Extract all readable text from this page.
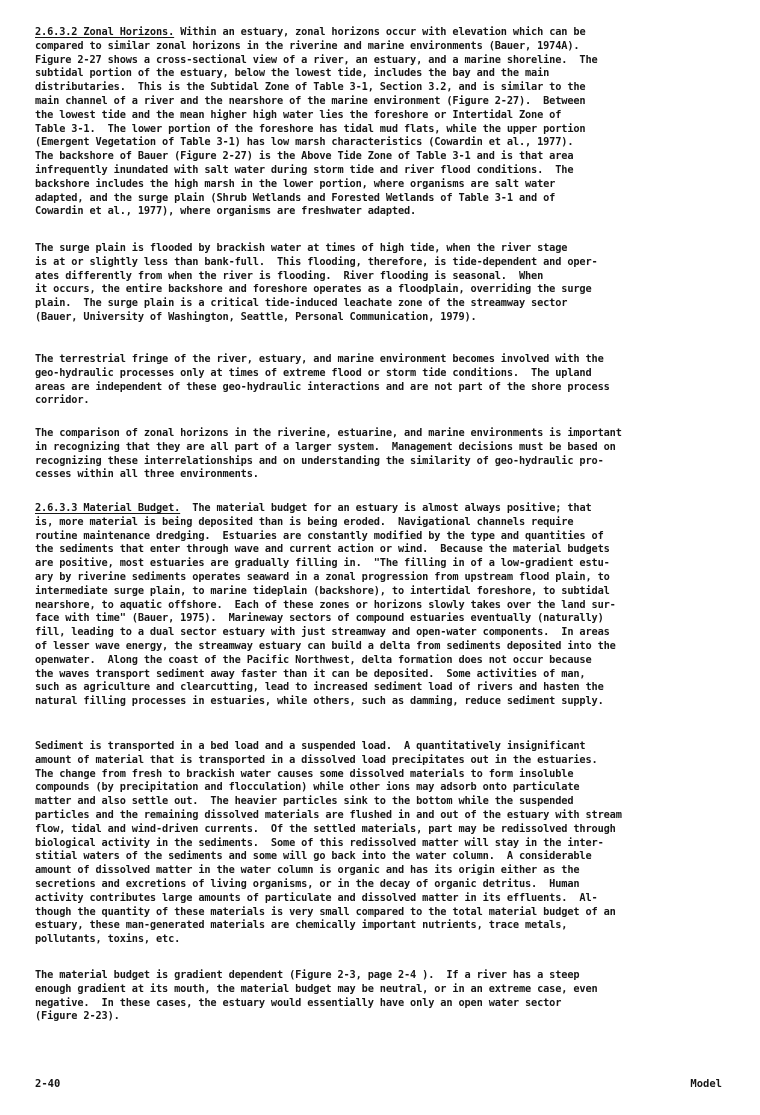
2.6.3.2 Zonal Horizons. Within an estuary, zonal horizons occur with elevation which can be
compared to similar zonal horizons in the riverine and marine environments (Bauer, 1974A).
Figure 2-27 shows a cross-sectional view of a river, an estuary, and a marine shoreline.  The
subtidal portion of the estuary, below the lowest tide, includes the bay and the main
distributaries.  This is the Subtidal Zone of Table 3-1, Section 3.2, and is similar to the
main channel of a river and the nearshore of the marine environment (Figure 2-27).  Between
the lowest tide and the mean higher high water lies the foreshore or Intertidal Zone of
Table 3-1.  The lower portion of the foreshore has tidal mud flats, while the upper portion
(Emergent Vegetation of Table 3-1) has low marsh characteristics (Cowardin et al., 1977).
The backshore of Bauer (Figure 2-27) is the Above Tide Zone of Table 3-1 and is that area
infrequently inundated with salt water during storm tide and river flood conditions.  The
backshore includes the high marsh in the lower portion, where organisms are salt water
adapted, and the surge plain (Shrub Wetlands and Forested Wetlands of Table 3-1 and of
Cowardin et al., 1977), where organisms are freshwater adapted.
The surge plain is flooded by brackish water at times of high tide, when the river stage
is at or slightly less than bank-full.  This flooding, therefore, is tide-dependent and oper-
ates differently from when the river is flooding.  River flooding is seasonal.  When
it occurs, the entire backshore and foreshore operates as a floodplain, overriding the surge
plain.  The surge plain is a critical tide-induced leachate zone of the streamway sector
(Bauer, University of Washington, Seattle, Personal Communication, 1979).
The terrestrial fringe of the river, estuary, and marine environment becomes involved with the
geo-hydraulic processes only at times of extreme flood or storm tide conditions.  The upland
areas are independent of these geo-hydraulic interactions and are not part of the shore process
corridor.
The comparison of zonal horizons in the riverine, estuarine, and marine environments is important
in recognizing that they are all part of a larger system.  Management decisions must be based on
recognizing these interrelationships and on understanding the similarity of geo-hydraulic pro-
cesses within all three environments.
2.6.3.3 Material Budget.  The material budget for an estuary is almost always positive; that
is, more material is being deposited than is being eroded.  Navigational channels require
routine maintenance dredging.  Estuaries are constantly modified by the type and quantities of
the sediments that enter through wave and current action or wind.  Because the material budgets
are positive, most estuaries are gradually filling in.  "The filling in of a low-gradient estu-
ary by riverine sediments operates seaward in a zonal progression from upstream flood plain, to
intermediate surge plain, to marine tideplain (backshore), to intertidal foreshore, to subtidal
nearshore, to aquatic offshore.  Each of these zones or horizons slowly takes over the land sur-
face with time" (Bauer, 1975).  Marineway sectors of compound estuaries eventually (naturally)
fill, leading to a dual sector estuary with just streamway and open-water components.  In areas
of lesser wave energy, the streamway estuary can build a delta from sediments deposited into the
openwater.  Along the coast of the Pacific Northwest, delta formation does not occur because
the waves transport sediment away faster than it can be deposited.  Some activities of man,
such as agriculture and clearcutting, lead to increased sediment load of rivers and hasten the
natural filling processes in estuaries, while others, such as damming, reduce sediment supply.
Sediment is transported in a bed load and a suspended load.  A quantitatively insignificant
amount of material that is transported in a dissolved load precipitates out in the estuaries.
The change from fresh to brackish water causes some dissolved materials to form insoluble
compounds (by precipitation and flocculation) while other ions may adsorb onto particulate
matter and also settle out.  The heavier particles sink to the bottom while the suspended
particles and the remaining dissolved materials are flushed in and out of the estuary with stream
flow, tidal and wind-driven currents.  Of the settled materials, part may be redissolved through
biological activity in the sediments.  Some of this redissolved matter will stay in the inter-
stitial waters of the sediments and some will go back into the water column.  A considerable
amount of dissolved matter in the water column is organic and has its origin either as the
secretions and excretions of living organisms, or in the decay of organic detritus.  Human
activity contributes large amounts of particulate and dissolved matter in its effluents.  Al-
though the quantity of these materials is very small compared to the total material budget of an
estuary, these man-generated materials are chemically important nutrients, trace metals,
pollutants, toxins, etc.
The material budget is gradient dependent (Figure 2-3, page 2-4 ).  If a river has a steep
enough gradient at its mouth, the material budget may be neutral, or in an extreme case, even
negative.  In these cases, the estuary would essentially have only an open water sector
(Figure 2-23).
2-40	Model
